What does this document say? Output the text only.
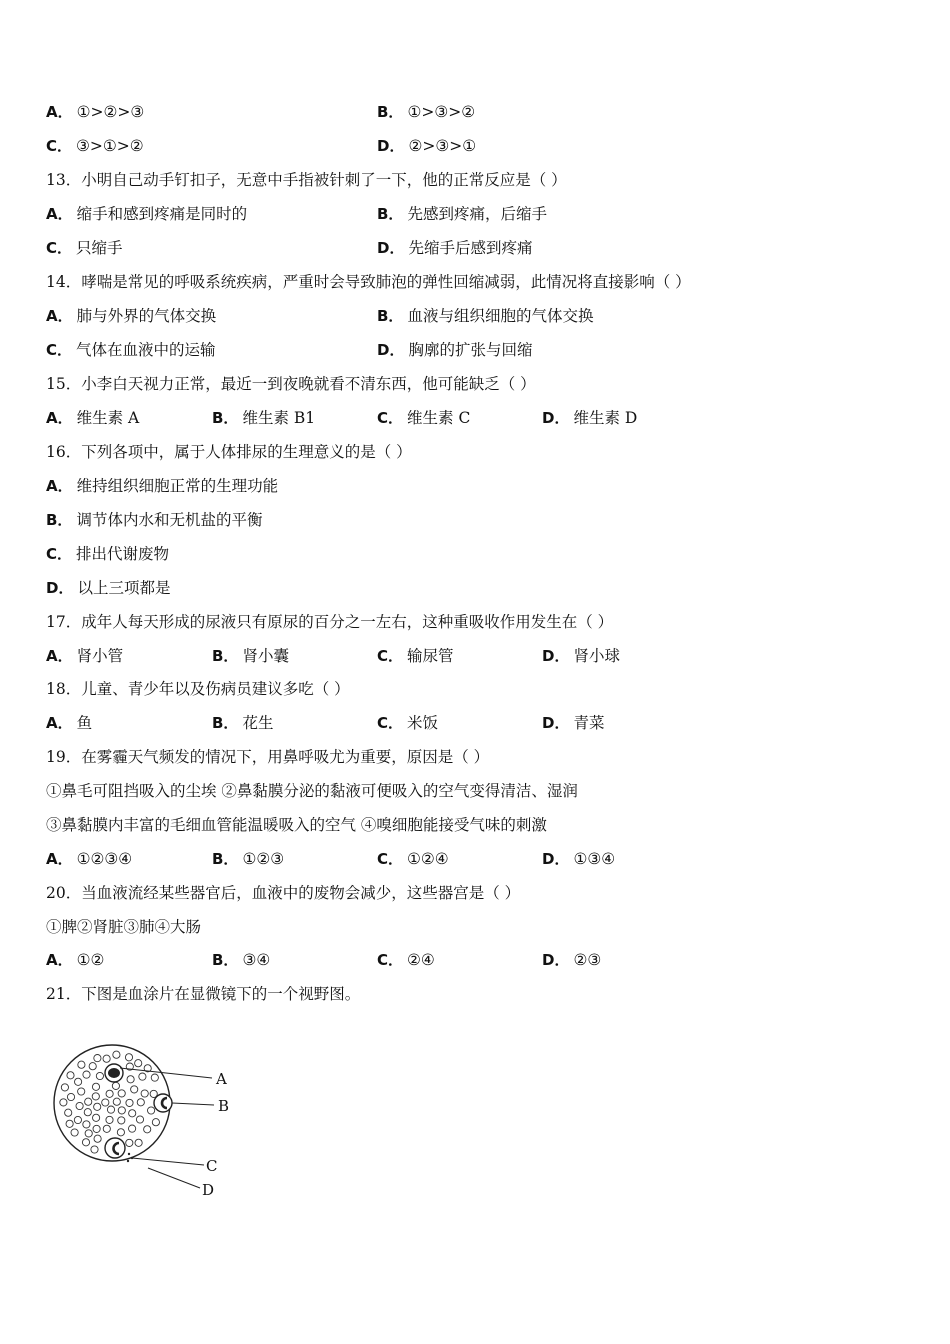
A． ①>②>③	B． ①>③>②
C． ③>①>②	D． ②>③>①
13．小明自己动手钉扣子，无意中手指被针刺了一下，他的正常反应是（ ）
A． 缩手和感到疼痛是同时的	B． 先感到疼痛，后缩手
C． 只缩手	D． 先缩手后感到疼痛
14．哮喘是常见的呼吸系统疾病，严重时会导致肺泡的弹性回缩减弱，此情况将直接影响（ ）
A． 肺与外界的气体交换	B． 血液与组织细胞的气体交换
C． 气体在血液中的运输	D． 胸廓的扩张与回缩
15．小李白天视力正常，最近一到夜晚就看不清东西，他可能缺乏（ ）
A． 维生素 A	B． 维生素 B1	C． 维生素 C	D． 维生素 D
16．下列各项中，属于人体排尿的生理意义的是（ ）
A． 维持组织细胞正常的生理功能
B． 调节体内水和无机盐的平衡
C． 排出代谢废物
D． 以上三项都是
17．成年人每天形成的尿液只有原尿的百分之一左右，这种重吸收作用发生在（ ）
A． 肾小管	B． 肾小囊	C． 输尿管	D． 肾小球
18．儿童、青少年以及伤病员建议多吃（ ）
A． 鱼	B． 花生	C． 米饭	D． 青菜
19．在雾霾天气频发的情况下，用鼻呼吸尤为重要，原因是（ ）
①鼻毛可阻挡吸入的尘埃 ②鼻黏膜分泌的黏液可便吸入的空气变得清洁、湿润
③鼻黏膜内丰富的毛细血管能温暖吸入的空气 ④嗅细胞能接受气味的刺激
A． ①②③④	B． ①②③	C． ①②④	D． ①③④
20．当血液流经某些器官后，血液中的废物会减少，这些器宫是（ ）
①脾②肾脏③肺④大肠
A． ①②	B． ③④	C． ②④	D． ②③
21．下图是血涂片在显微镜下的一个视野图。
A
B
C
D
